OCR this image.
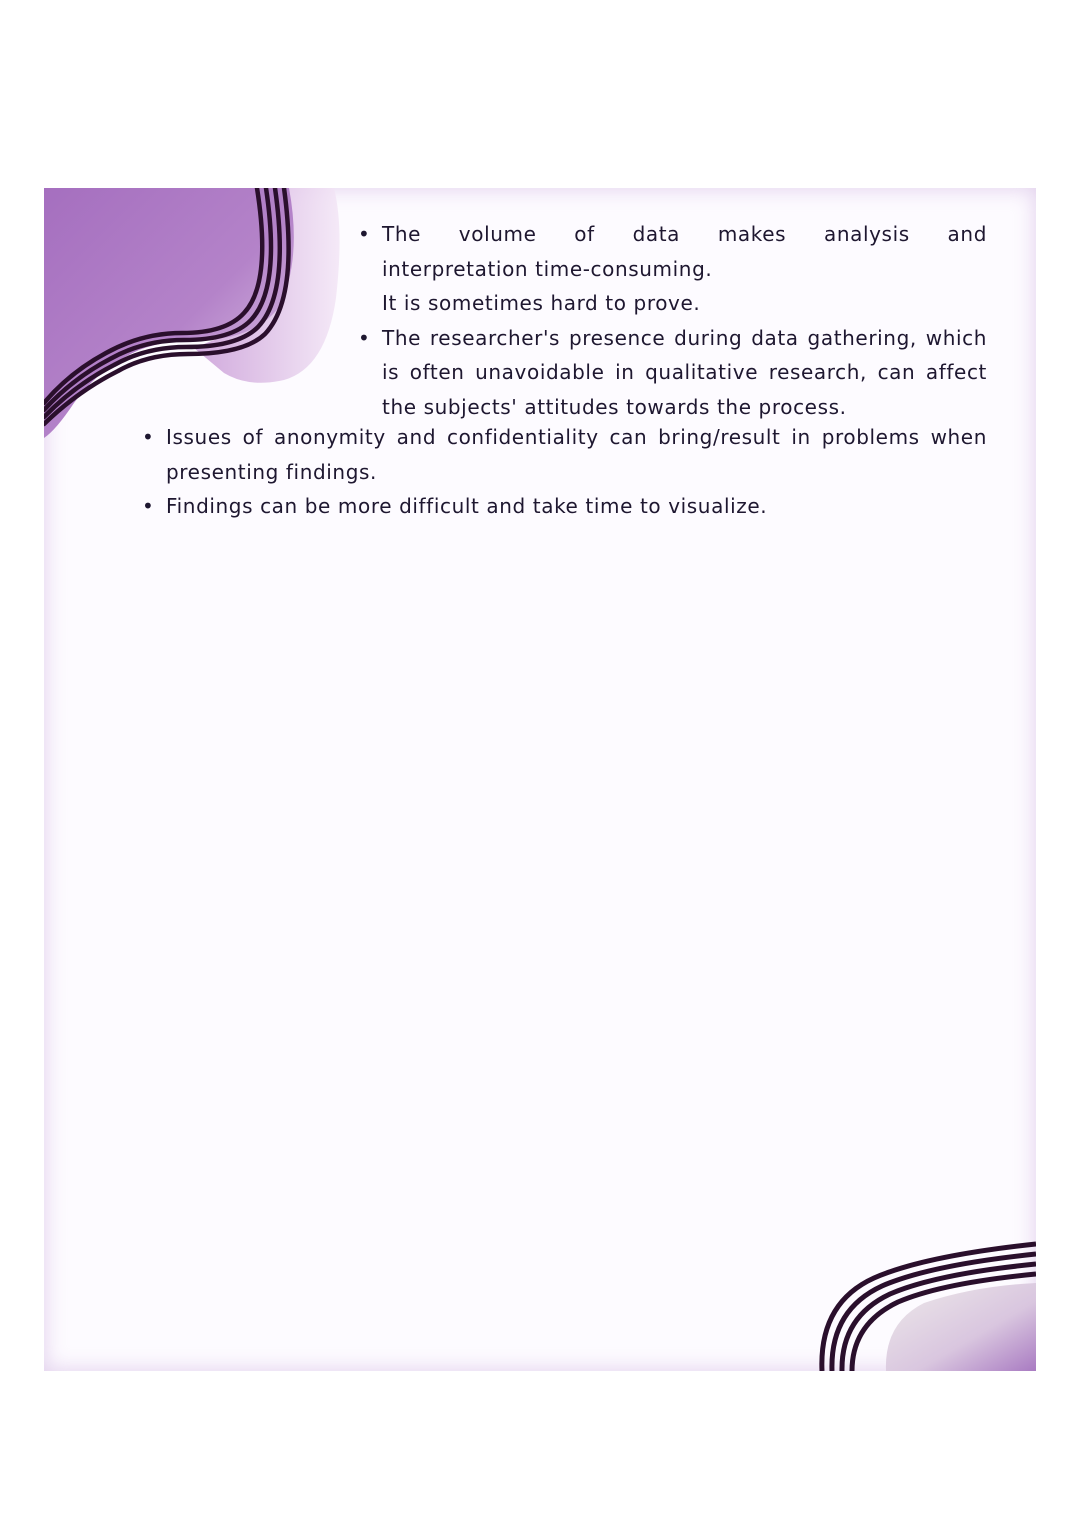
• The volume of data makes analysis and
interpretation time-consuming.

It is sometimes hard to prove.

• The researcher's presence during data gathering, which is often unavoidable in qualitative research, can affect the subjects' attitudes towards the process.

• Issues of anonymity and confidentiality can bring/result in problems when presenting findings.

• Findings can be more difficult and take time to visualize.
